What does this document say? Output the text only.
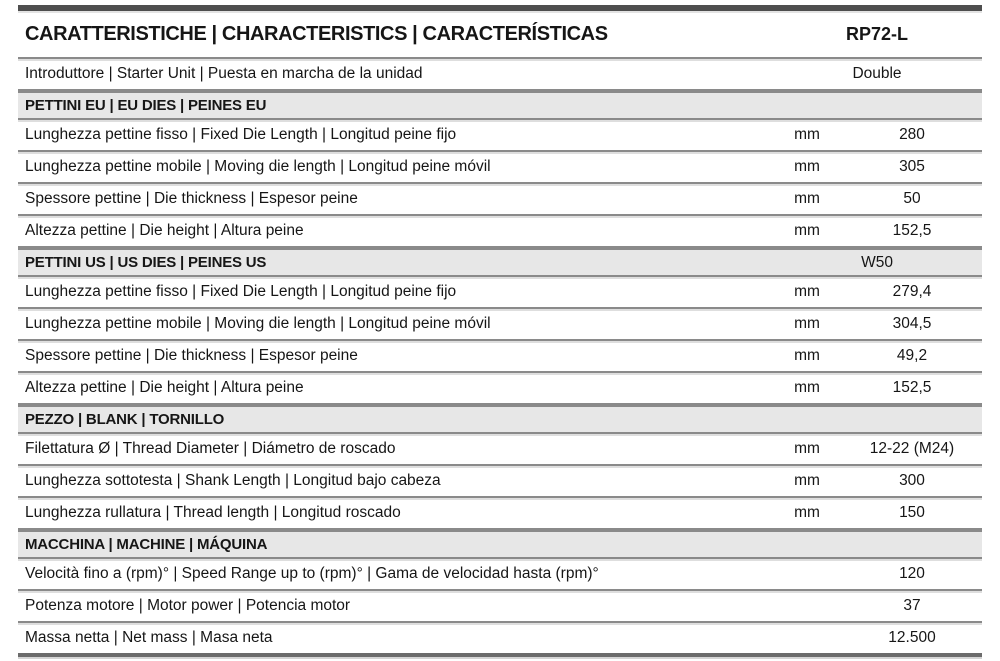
CARATTERISTICHE | CHARACTERISTICS | CARACTERÍSTICAS	RP72-L
Introduttore | Starter Unit | Puesta en marcha de la unidad	Double
PETTINI EU | EU DIES | PEINES EU
Lunghezza pettine fisso | Fixed Die Length | Longitud peine fijo	mm	280
Lunghezza pettine mobile | Moving die length | Longitud peine móvil	mm	305
Spessore pettine | Die thickness | Espesor peine	mm	50
Altezza pettine | Die height | Altura peine	mm	152,5
PETTINI US | US DIES | PEINES US	W50
Lunghezza pettine fisso | Fixed Die Length | Longitud peine fijo	mm	279,4
Lunghezza pettine mobile | Moving die length | Longitud peine móvil	mm	304,5
Spessore pettine | Die thickness | Espesor peine	mm	49,2
Altezza pettine | Die height | Altura peine	mm	152,5
PEZZO | BLANK | TORNILLO
Filettatura Ø | Thread Diameter | Diámetro de roscado	mm	12-22 (M24)
Lunghezza sottotesta | Shank Length | Longitud bajo cabeza	mm	300
Lunghezza rullatura | Thread length | Longitud roscado	mm	150
MACCHINA | MACHINE | MÁQUINA
Velocità fino a (rpm)° | Speed Range up to (rpm)° | Gama de velocidad hasta (rpm)°	120
Potenza motore | Motor power | Potencia motor	37
Massa netta | Net mass | Masa neta	12.500
